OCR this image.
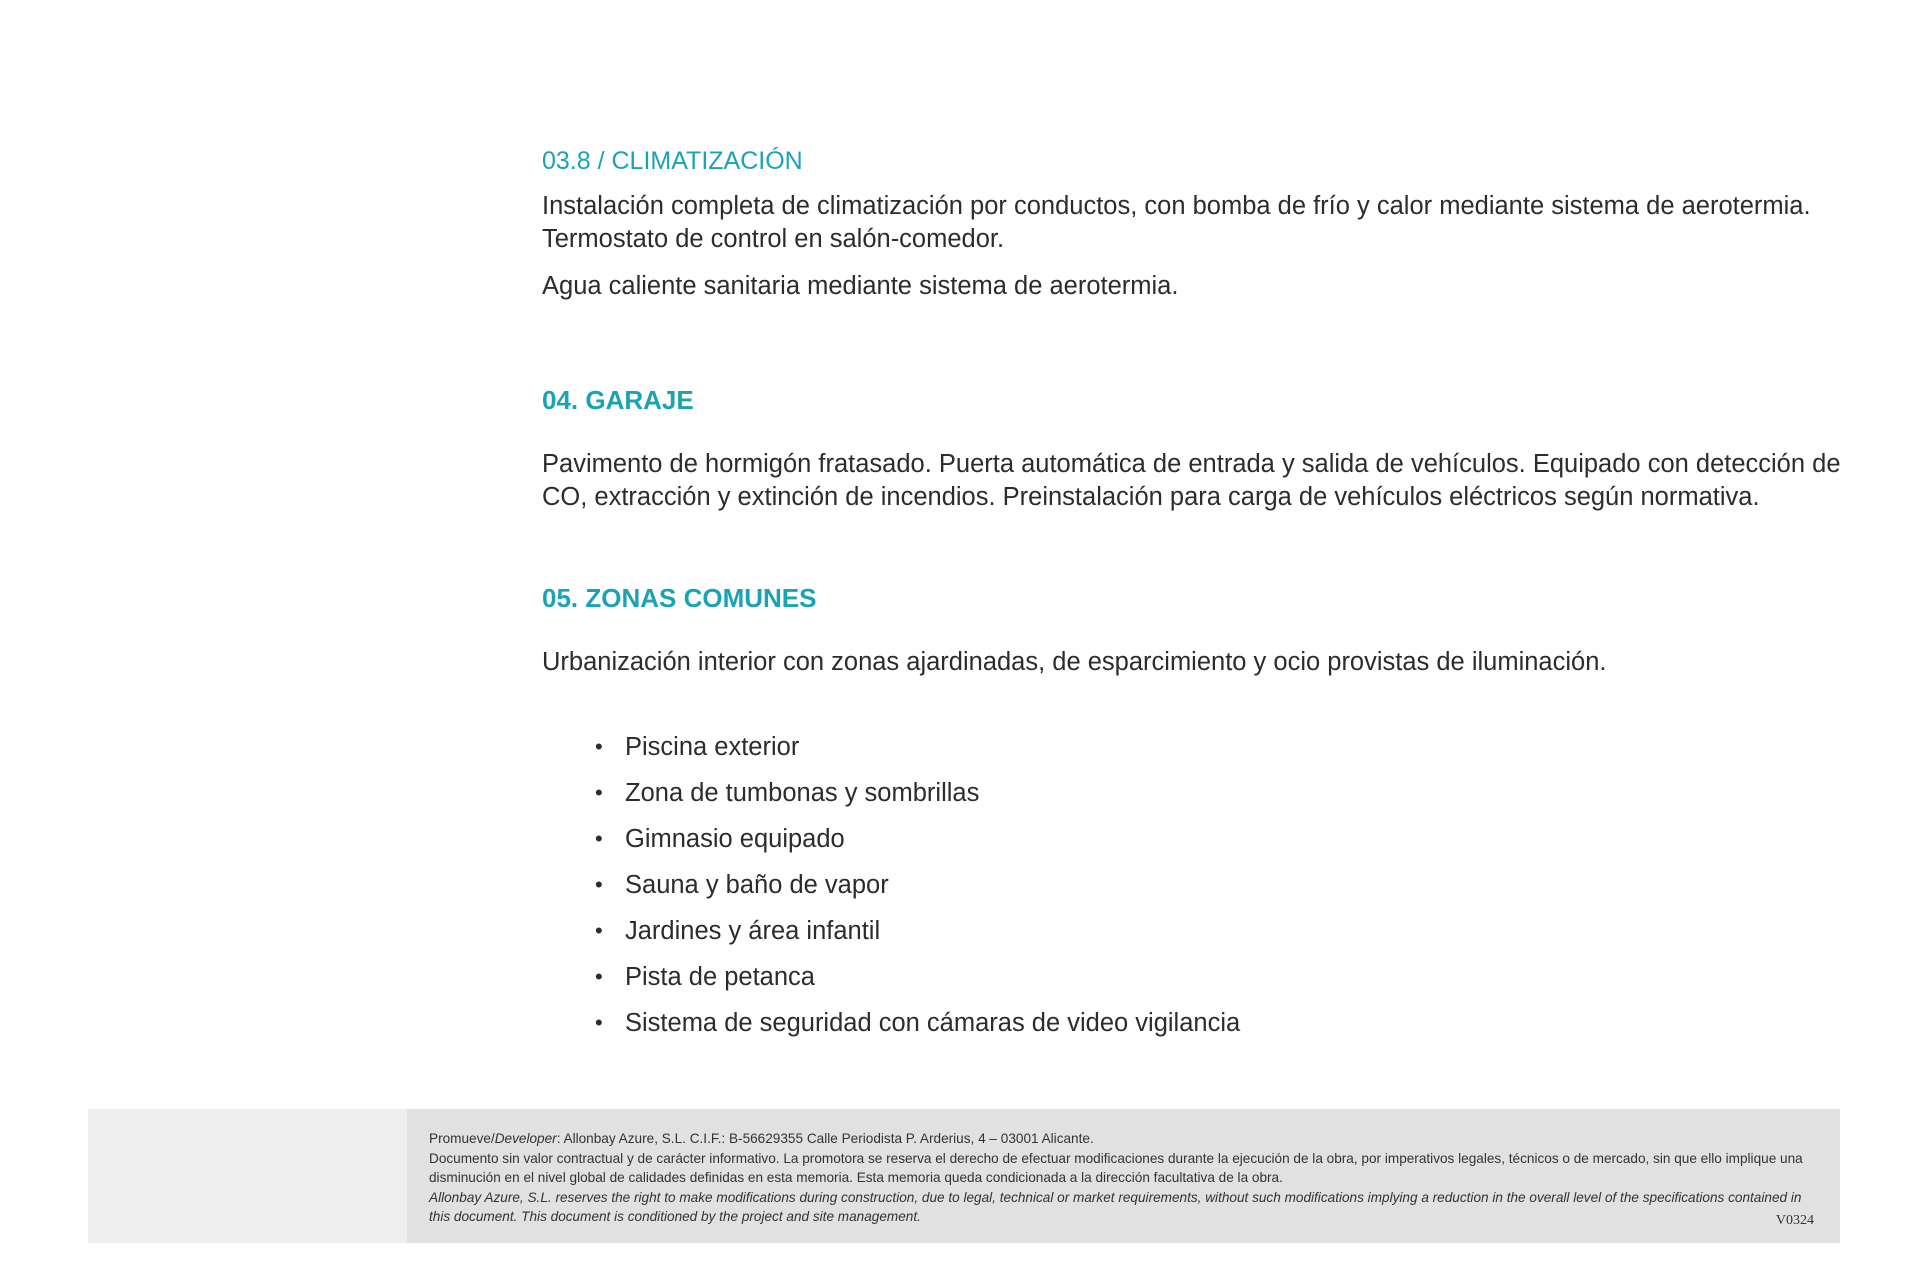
03.8 / CLIMATIZACIÓN

Instalación completa de climatización por conductos, con bomba de frío y calor mediante sistema de aerotermia. Termostato de control en salón-comedor.

Agua caliente sanitaria mediante sistema de aerotermia.

04. GARAJE

Pavimento de hormigón fratasado. Puerta automática de entrada y salida de vehículos. Equipado con detección de CO, extracción y extinción de incendios. Preinstalación para carga de vehículos eléctricos según normativa.

05. ZONAS COMUNES

Urbanización interior con zonas ajardinadas, de esparcimiento y ocio provistas de iluminación.

• Piscina exterior
• Zona de tumbonas y sombrillas
• Gimnasio equipado
• Sauna y baño de vapor
• Jardines y área infantil
• Pista de petanca
• Sistema de seguridad con cámaras de video vigilancia
Promueve/Developer: Allonbay Azure, S.L. C.I.F.: B-56629355 Calle Periodista P. Arderius, 4 – 03001 Alicante.
Documento sin valor contractual y de carácter informativo. La promotora se reserva el derecho de efectuar modificaciones durante la ejecución de la obra, por imperativos legales, técnicos o de mercado, sin que ello implique una disminución en el nivel global de calidades definidas en esta memoria. Esta memoria queda condicionada a la dirección facultativa de la obra.
Allonbay Azure, S.L. reserves the right to make modifications during construction, due to legal, technical or market requirements, without such modifications implying a reduction in the overall level of the specifications contained in this document. This document is conditioned by the project and site management.	V0324
